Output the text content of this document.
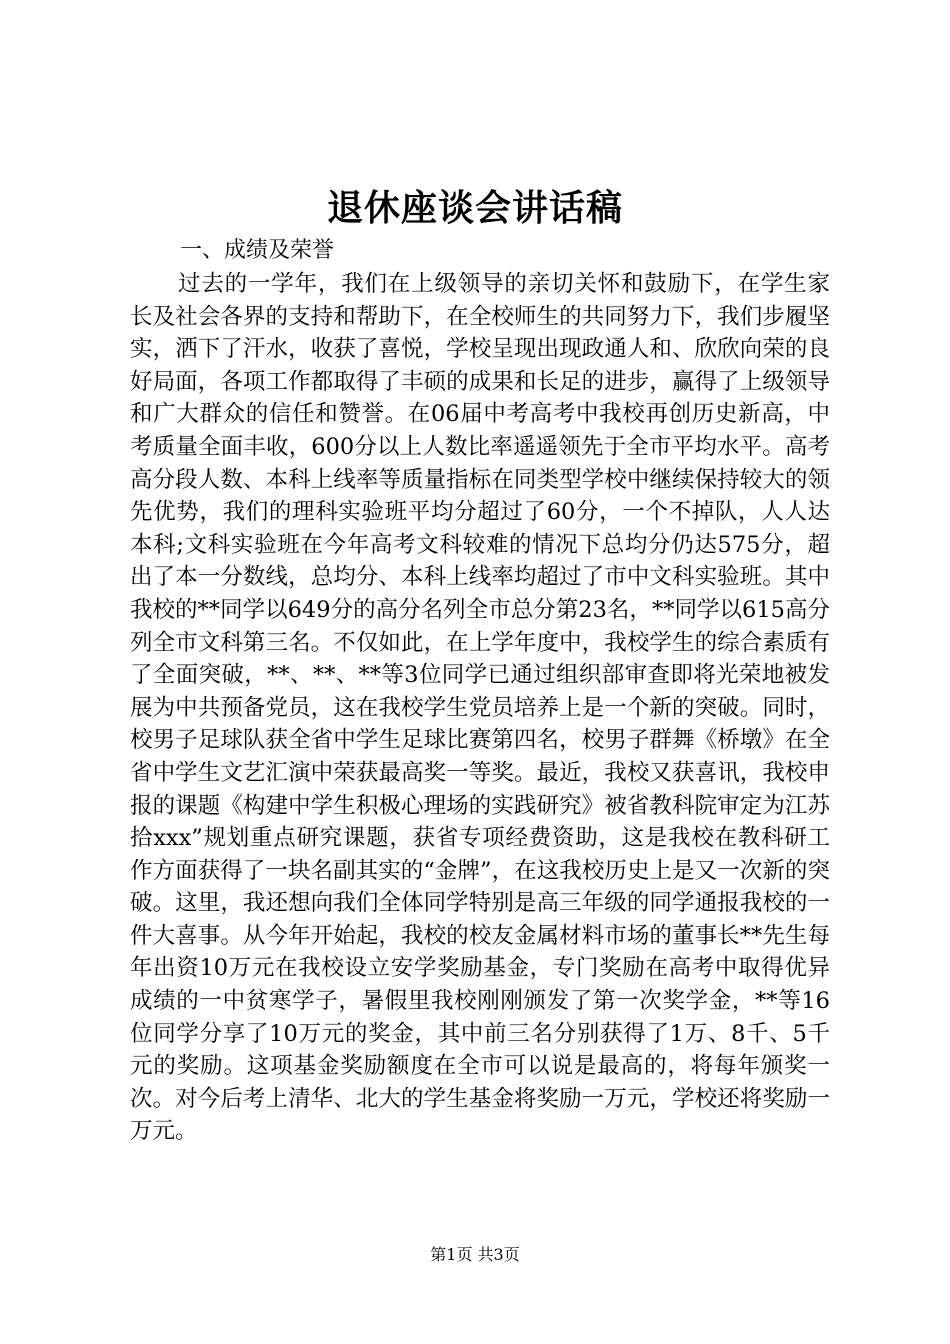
退休座谈会讲话稿

一、成绩及荣誉

过去的一学年，我们在上级领导的亲切关怀和鼓励下，在学生家长及社会各界的支持和帮助下，在全校师生的共同努力下，我们步履坚实，洒下了汗水，收获了喜悦，学校呈现出现政通人和、欣欣向荣的良好局面，各项工作都取得了丰硕的成果和长足的进步，赢得了上级领导和广大群众的信任和赞誉。在06届中考高考中我校再创历史新高，中考质量全面丰收，600分以上人数比率遥遥领先于全市平均水平。高考高分段人数、本科上线率等质量指标在同类型学校中继续保持较大的领先优势，我们的理科实验班平均分超过了60分，一个不掉队，人人达本科;文科实验班在今年高考文科较难的情况下总均分仍达575分，超出了本一分数线，总均分、本科上线率均超过了市中文科实验班。其中我校的**同学以649分的高分名列全市总分第23名，**同学以615高分列全市文科第三名。不仅如此，在上学年度中，我校学生的综合素质有了全面突破，**、**、**等3位同学已通过组织部审查即将光荣地被发展为中共预备党员，这在我校学生党员培养上是一个新的突破。同时，校男子足球队获全省中学生足球比赛第四名，校男子群舞《桥墩》在全省中学生文艺汇演中荣获最高奖一等奖。最近，我校又获喜讯，我校申报的课题《构建中学生积极心理场的实践研究》被省教科院审定为江苏拾xxx”规划重点研究课题，获省专项经费资助，这是我校在教科研工作方面获得了一块名副其实的“金牌”，在这我校历史上是又一次新的突破。这里，我还想向我们全体同学特别是高三年级的同学通报我校的一件大喜事。从今年开始起，我校的校友金属材料市场的董事长**先生每年出资10万元在我校设立安学奖励基金，专门奖励在高考中取得优异成绩的一中贫寒学子，暑假里我校刚刚颁发了第一次奖学金，**等16位同学分享了10万元的奖金，其中前三名分别获得了1万、8千、5千元的奖励。这项基金奖励额度在全市可以说是最高的，将每年颁奖一次。对今后考上清华、北大的学生基金将奖励一万元，学校还将奖励一万元。

第1页 共3页
